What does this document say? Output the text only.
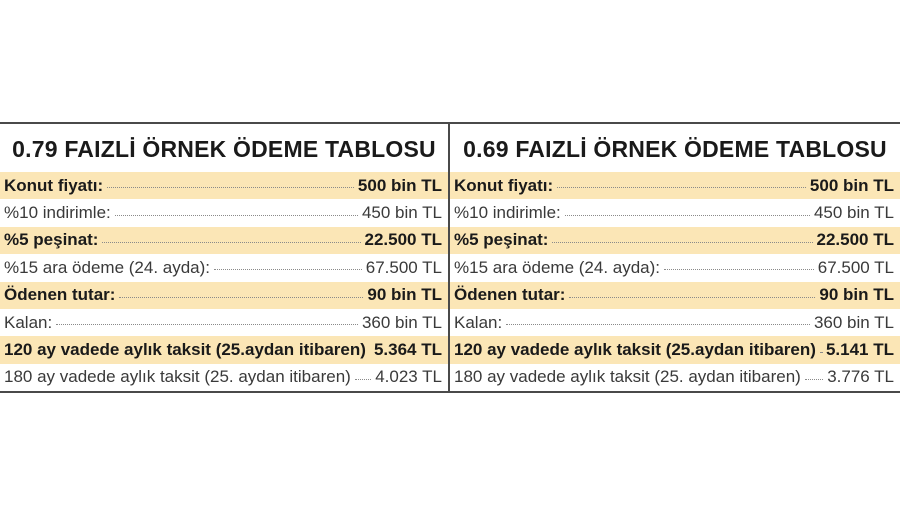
0.79 FAIZLİ ÖRNEK ÖDEME TABLOSU
Konut fiyatı:	500 bin TL
%10 indirimle:	450 bin TL
%5 peşinat:	22.500 TL
%15 ara ödeme (24. ayda):	67.500 TL
Ödenen tutar:	90 bin TL
Kalan:	360 bin TL
120 ay vadede aylık taksit (25.aydan itibaren) 5.364 TL
180 ay vadede aylık taksit (25. aydan itibaren) 4.023 TL
0.69 FAIZLİ ÖRNEK ÖDEME TABLOSU
Konut fiyatı:	500 bin TL
%10 indirimle:	450 bin TL
%5 peşinat:	22.500 TL
%15 ara ödeme (24. ayda):	67.500 TL
Ödenen tutar:	90 bin TL
Kalan:	360 bin TL
120 ay vadede aylık taksit (25.aydan itibaren) 5.141 TL
180 ay vadede aylık taksit (25. aydan itibaren) 3.776 TL
